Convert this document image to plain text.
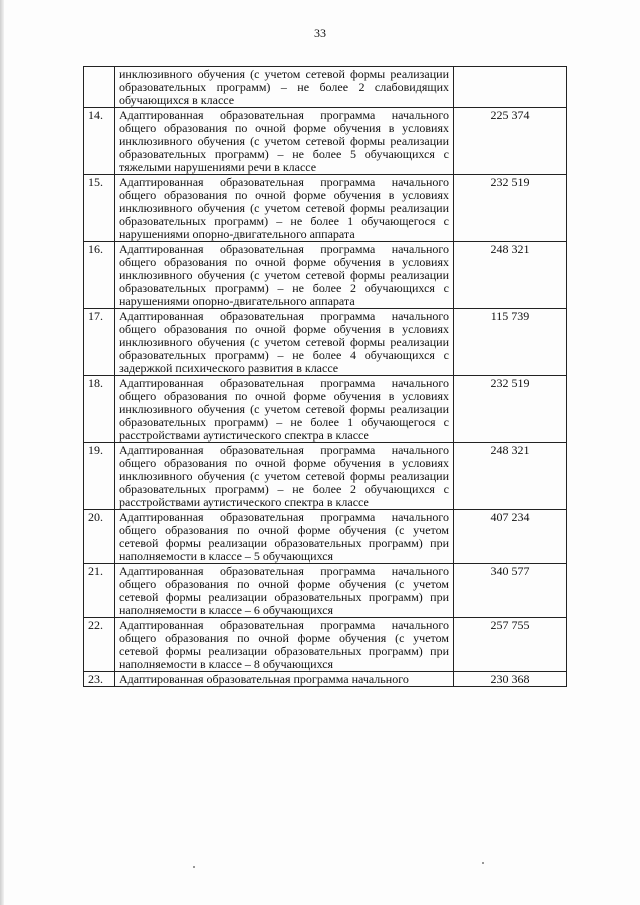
33
	инклюзивного обучения (с учетом сетевой формы реализации образовательных программ) – не более 2 слабовидящих обучающихся в классе	
14.	Адаптированная образовательная программа начального общего образования по очной форме обучения в условиях инклюзивного обучения (с учетом сетевой формы реализации образовательных программ) – не более 5 обучающихся с тяжелыми нарушениями речи в классе	225 374
15.	Адаптированная образовательная программа начального общего образования по очной форме обучения в условиях инклюзивного обучения (с учетом сетевой формы реализации образовательных программ) – не более 1 обучающегося с нарушениями опорно-двигательного аппарата	232 519
16.	Адаптированная образовательная программа начального общего образования по очной форме обучения в условиях инклюзивного обучения (с учетом сетевой формы реализации образовательных программ) – не более 2 обучающихся с нарушениями опорно-двигательного аппарата	248 321
17.	Адаптированная образовательная программа начального общего образования по очной форме обучения в условиях инклюзивного обучения (с учетом сетевой формы реализации образовательных программ) – не более 4 обучающихся с задержкой психического развития в классе	115 739
18.	Адаптированная образовательная программа начального общего образования по очной форме обучения в условиях инклюзивного обучения (с учетом сетевой формы реализации образовательных программ) – не более 1 обучающегося с расстройствами аутистического спектра в классе	232 519
19.	Адаптированная образовательная программа начального общего образования по очной форме обучения в условиях инклюзивного обучения (с учетом сетевой формы реализации образовательных программ) – не более 2 обучающихся с расстройствами аутистического спектра в классе	248 321
20.	Адаптированная образовательная программа начального общего образования по очной форме обучения (с учетом сетевой формы реализации образовательных программ) при наполняемости в классе – 5 обучающихся	407 234
21.	Адаптированная образовательная программа начального общего образования по очной форме обучения (с учетом сетевой формы реализации образовательных программ) при наполняемости в классе – 6 обучающихся	340 577
22.	Адаптированная образовательная программа начального общего образования по очной форме обучения (с учетом сетевой формы реализации образовательных программ) при наполняемости в классе – 8 обучающихся	257 755
23.	Адаптированная образовательная программа начального	230 368
